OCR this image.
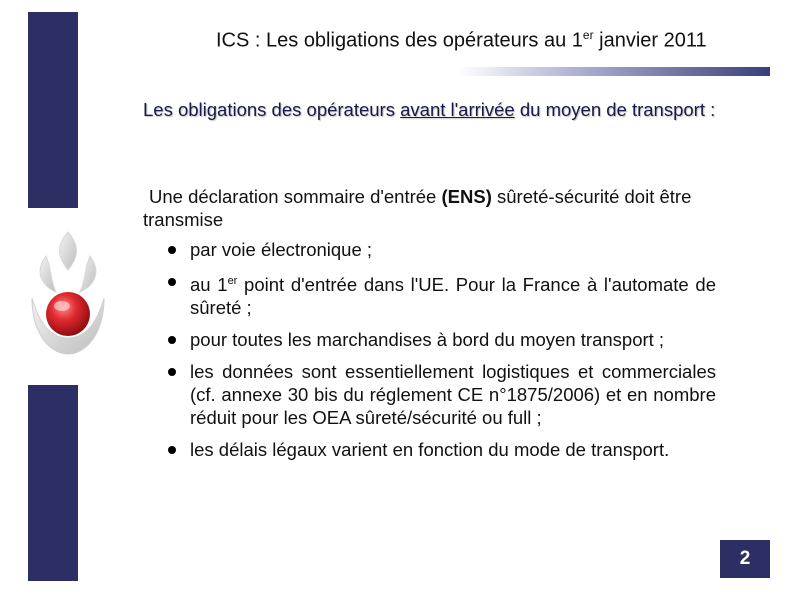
ICS : Les obligations des opérateurs au 1er janvier 2011
Les obligations des opérateurs avant l'arrivée du moyen de transport :
Une déclaration sommaire d'entrée (ENS) sûreté-sécurité doit être transmise
par voie électronique ;
au 1er point d'entrée dans l'UE. Pour la France à l'automate de sûreté ;
pour toutes les marchandises à bord du moyen transport ;
les données sont essentiellement logistiques et commerciales (cf. annexe 30 bis du réglement CE n°1875/2006) et en nombre réduit pour les OEA sûreté/sécurité ou full ;
les délais légaux varient en fonction du mode de transport.
2
